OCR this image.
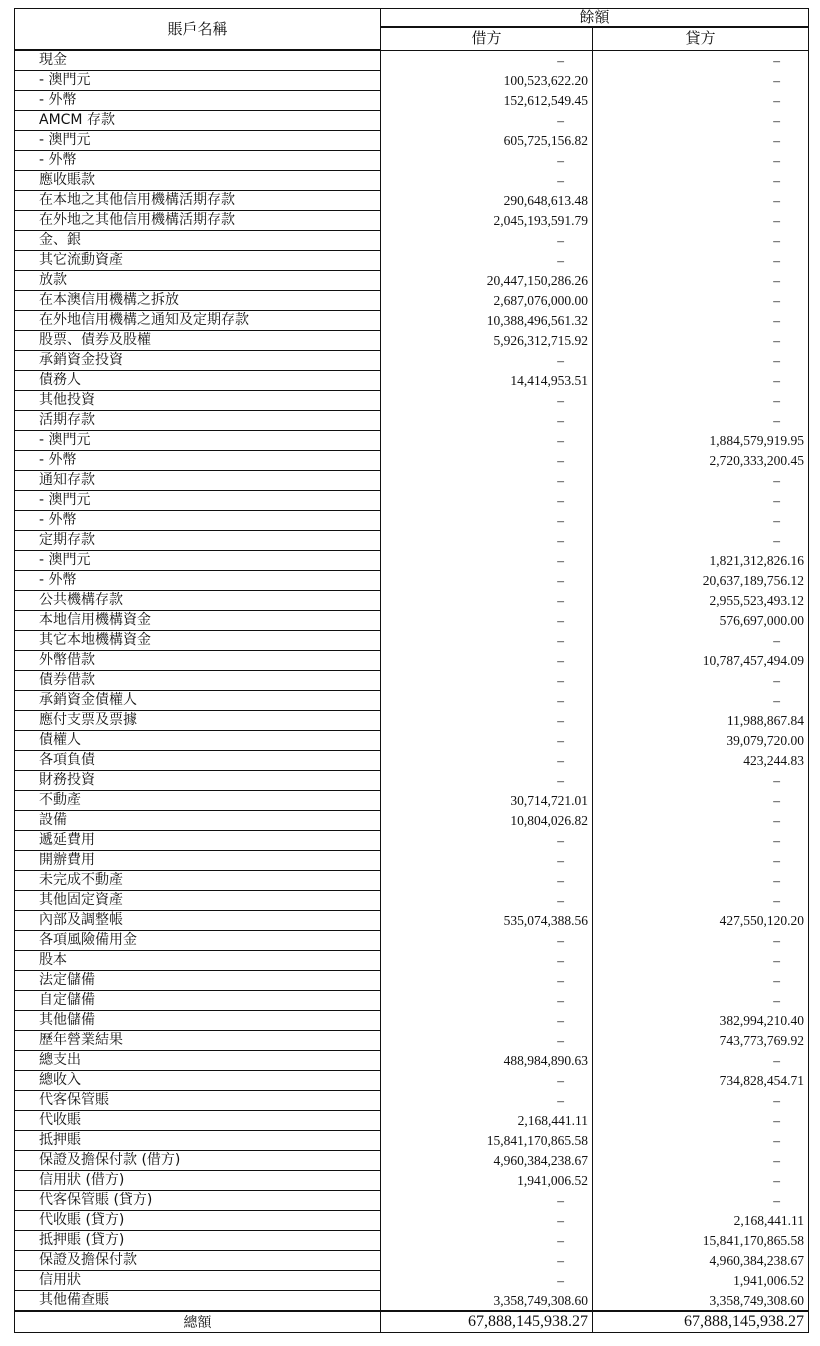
賬戶名稱	餘額	
	借方	貸方
現金	–	–
- 澳門元	100,523,622.20	–
- 外幣	152,612,549.45	–
AMCM 存款	–	–
- 澳門元	605,725,156.82	–
- 外幣	–	–
應收賬款	–	–
在本地之其他信用機構活期存款	290,648,613.48	–
在外地之其他信用機構活期存款	2,045,193,591.79	–
金、銀	–	–
其它流動資產	–	–
放款	20,447,150,286.26	–
在本澳信用機構之拆放	2,687,076,000.00	–
在外地信用機構之通知及定期存款	10,388,496,561.32	–
股票、債券及股權	5,926,312,715.92	–
承銷資金投資	–	–
債務人	14,414,953.51	–
其他投資	–	–
活期存款	–	–
- 澳門元	–	1,884,579,919.95
- 外幣	–	2,720,333,200.45
通知存款	–	–
- 澳門元	–	–
- 外幣	–	–
定期存款	–	–
- 澳門元	–	1,821,312,826.16
- 外幣	–	20,637,189,756.12
公共機構存款	–	2,955,523,493.12
本地信用機構資金	–	576,697,000.00
其它本地機構資金	–	–
外幣借款	–	10,787,457,494.09
債券借款	–	–
承銷資金債權人	–	–
應付支票及票據	–	11,988,867.84
債權人	–	39,079,720.00
各項負債	–	423,244.83
財務投資	–	–
不動產	30,714,721.01	–
設備	10,804,026.82	–
遞延費用	–	–
開辦費用	–	–
未完成不動產	–	–
其他固定資產	–	–
內部及調整帳	535,074,388.56	427,550,120.20
各項風險備用金	–	–
股本	–	–
法定儲備	–	–
自定儲備	–	–
其他儲備	–	382,994,210.40
歷年營業結果	–	743,773,769.92
總支出	488,984,890.63	–
總收入	–	734,828,454.71
代客保管賬	–	–
代收賬	2,168,441.11	–
抵押賬	15,841,170,865.58	–
保證及擔保付款 (借方)	4,960,384,238.67	–
信用狀 (借方)	1,941,006.52	–
代客保管賬 (貸方)	–	–
代收賬 (貸方)	–	2,168,441.11
抵押賬 (貸方)	–	15,841,170,865.58
保證及擔保付款	–	4,960,384,238.67
信用狀	–	1,941,006.52
其他備查賬	3,358,749,308.60	3,358,749,308.60
總額	67,888,145,938.27	67,888,145,938.27
